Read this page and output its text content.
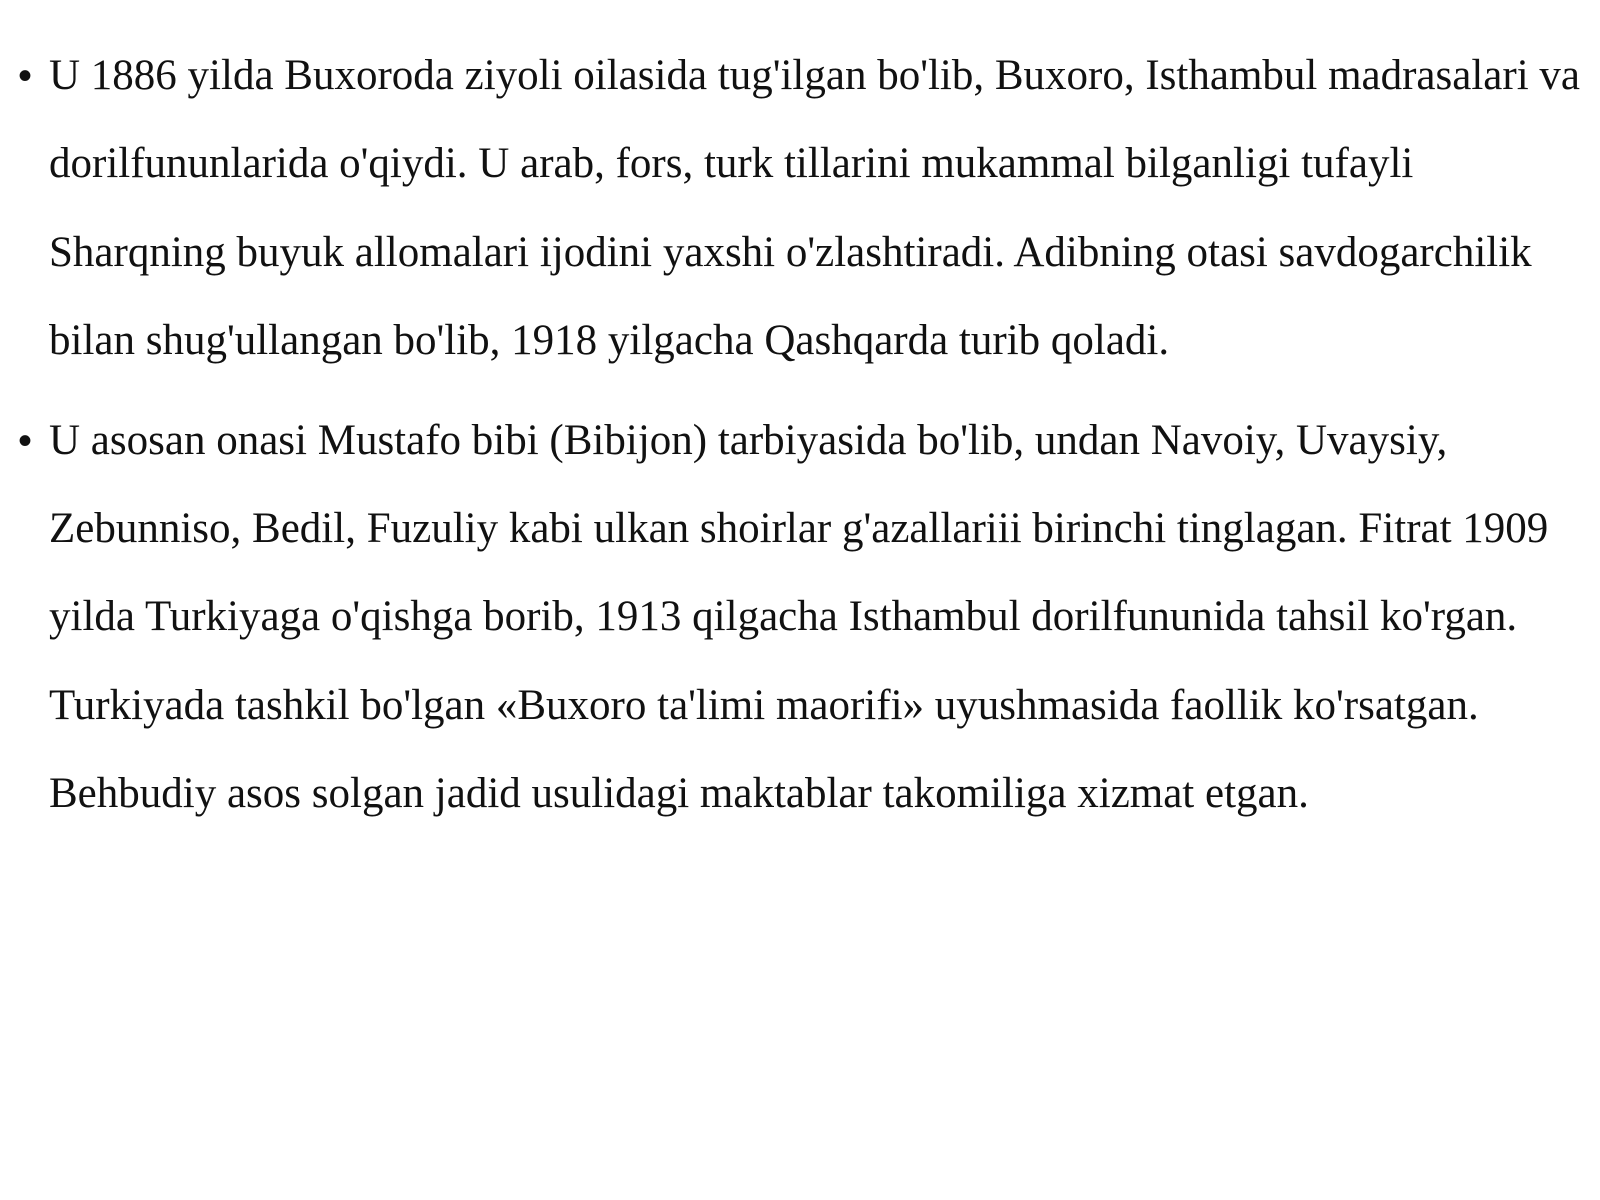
• U 1886 yilda Buxoroda ziyoli oilasida tug'ilgan bo'lib, Buxoro, Isthambul madrasalari va dorilfununlarida o'qiydi. U arab, fors, turk tillarini mukammal bilganligi tufayli Sharqning buyuk allomalari ijodini yaxshi o'zlashtiradi. Adibning otasi savdogarchilik bilan shug'ullangan bo'lib, 1918 yilgacha Qashqarda turib qoladi.
• U asosan onasi Mustafo bibi (Bibijon) tarbiyasida bo'lib, undan Navoiy, Uvaysiy, Zebunniso, Bedil, Fuzuliy kabi ulkan shoirlar g'azallariii birinchi tinglagan. Fitrat 1909 yilda Turkiyaga o'qishga borib, 1913 qilgacha Isthambul dorilfununida tahsil ko'rgan. Turkiyada tashkil bo'lgan «Buxoro ta'limi maorifi» uyushmasida faollik ko'rsatgan. Behbudiy asos solgan jadid usulidagi maktablar takomiliga xizmat etgan.
